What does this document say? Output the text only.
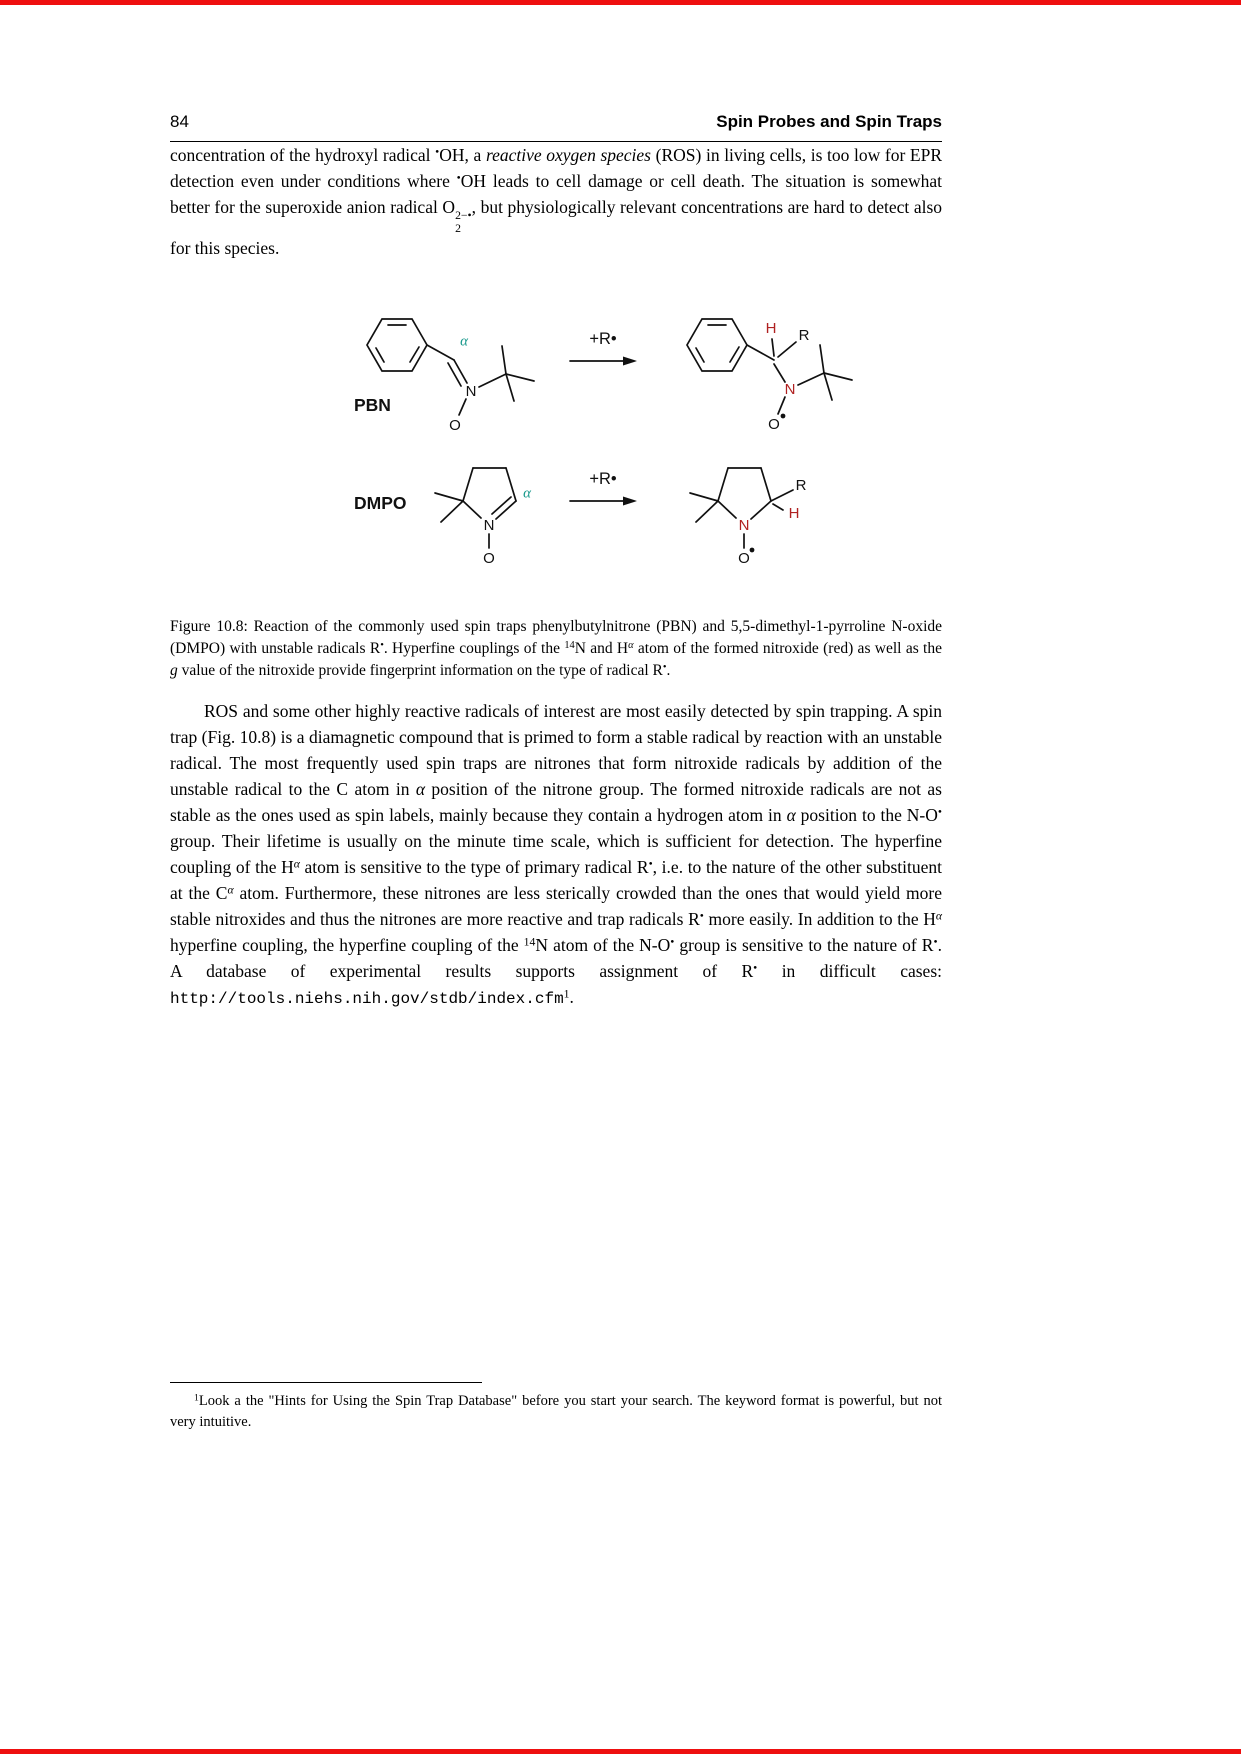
84	Spin Probes and Spin Traps

concentration of the hydroxyl radical •OH, a reactive oxygen species (ROS) in living cells, is too low for EPR detection even under conditions where •OH leads to cell damage or cell death. The situation is somewhat better for the superoxide anion radical O 2−•
2
, but physiologically relevant concentrations are hard to detect also for this species.

N
O
α
PBN
+R•
H R
N
O
DMPO
N
O
α
+R•	R
H
N
O

Figure 10.8: Reaction of the commonly used spin traps phenylbutylnitrone (PBN) and 5,5-dimethyl-1-pyrroline N-oxide (DMPO) with unstable radicals R•. Hyperfine couplings of the $^{14}$N and $H^\alpha$ atom of the formed nitroxide (red) as well as the g value of the nitroxide provide fingerprint information on the type of radical R•.

ROS and some other highly reactive radicals of interest are most easily detected by spin trapping. A spin trap (Fig. 10.8) is a diamagnetic compound that is primed to form a stable radical by reaction with an unstable radical. The most frequently used spin traps are nitrones that form nitroxide radicals by addition of the unstable radical to the C atom in α position of the nitrone group. The formed nitroxide radicals are not as stable as the ones used as spin labels, mainly because they contain a hydrogen atom in α position to the N-O• group. Their lifetime is usually on the minute time scale, which is sufficient for detection. The hyperfine coupling of the $H^\alpha$ atom is sensitive to the type of primary radical R•, i.e. to the nature of the other substituent at the $C^\alpha$ atom. Furthermore, these nitrones are less sterically crowded than the ones that would yield more stable nitroxides and thus the nitrones are more reactive and trap radicals R• more easily. In addition to the $H^\alpha$ hyperfine coupling, the hyperfine coupling of the $^{14}$N atom of the N-O• group is sensitive to the nature of R•. A database of experimental results supports assignment of R• in difficult cases: http://tools.niehs.nih.gov/stdb/index.cfm$^1$.

$^1$Look a the "Hints for Using the Spin Trap Database" before you start your search. The keyword format is powerful, but not very intuitive.
